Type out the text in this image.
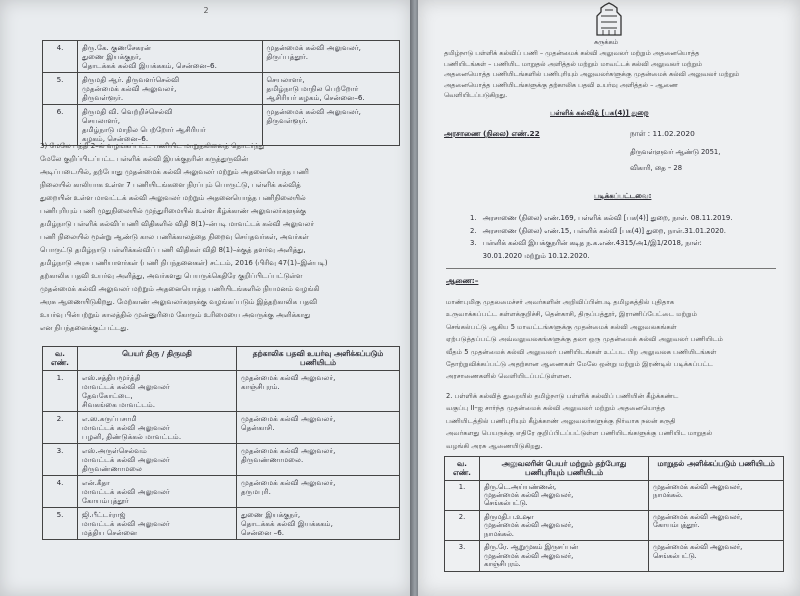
2
4.	திரு.கே. குணசேகரன்
துணை இயக்குநர்,
தொடக்கக் கல்வி இயக்ககம், சென்னை–6.	முதன்மைக் கல்வி அலுவலர்,
திருப்பத்தூர்.
5.	திருமதி ஆர். திருவளர்செல்வி
முதன்மைக் கல்வி அலுவலர்,
திருவள்ளூர்.	செயலாளர்,
தமிழ்நாடு மாநில பெற்றோர்
ஆசிரியர் கழகம், சென்னை–6.
6.	திருமதி வி. வெற்றிச்செல்வி
செயலாளர்,
தமிழ்நாடு மாநில பெற்றோர் ஆசிரியர்
கழகம், சென்னை–6.	முதன்மைக் கல்வி அலுவலர்,
திருவள்ளூர்.
3) மேலே பத்தி 2–ல் வழங்கப்பட்ட பணியிட மாறுதலினைத் தொடர்ந்து
மேலே குறிப்பிடப்பட்ட பள்ளிக் கல்வி இயக்குநரின் கருத்துருவின்
அடிப்படையில், தற்போது முதன்மைக் கல்வி அலுவலர் மற்றும் அதனையொத்த பணி
நிலையில் காலியாக உள்ள 7 பணியிடங்களை நிரப்பும் பொருட்டு, பள்ளிக் கல்வித்
துறையின் உள்ள மாவட்டக் கல்வி அலுவலர் மற்றும் அதனையொத்த பணிநிலையில்
பணிபுரியும் பணி முதுநிலையில் முந்துரிமையில் உள்ள கீழ்க்காண் அலுவலர்களுக்கு
தமிழ்நாடு பள்ளிக் கல்விப்பணி விதிகளில் விதி 8(1)–ன்படி மாவட்டக் கல்வி அலுவலர்
பணி நிலையில் மூன்று ஆண்டு கால பணிக்காலத்தை நிறைவு செய்தவர்கள், அவர்கள்
பொருட்டு தமிழ்நாடு பள்ளிக்கல்விப் பணி விதிகள் விதி 8(1)–க்குத் தளர்வு அளித்து,
தமிழ்நாடு அரசு பணியாளர்கள் (பணி நிபந்தனைகள்) சட்டம், 2016 (பிரிவு 47(1)–இன்படி)
தற்காலிக பதவி உயர்வு அளித்து, அவர்களது பெயருக்கெதிரே குறிப்பிடப்பட்டுள்ள
முதன்மைக் கல்வி அலுவலர் மற்றும் அதனையொத்த பணியிடங்களில் நியமனம் வழங்கி
அரசு ஆணையிடுகிறது. மேற்காண் அலுவலர்களுக்கு வழங்கப்படும் இத்தற்காலிக பதவி
உயர்வு பின்பற்றும் காலத்தில் முன்னுரிமை கோரும் உரிமையை அவருக்கு அளிக்காது
என நிபந்தனைக்குட்பட்டது.
வ. எண்.	பெயர் திரு / திருமதி	தற்காலிக பதவி உயர்வு அளிக்கப்படும் பணியிடம்
1.	எஸ்.சத்தியமூர்த்தி
மாவட்டக் கல்வி அலுவலர்
தேவகோட்டை,
சிவகங்கை மாவட்டம்.	முதன்மைக் கல்வி அலுவலர்,
காஞ்சிபுரம்.
2.	எ.ஸ.கருப்பசாமி
மாவட்டக் கல்வி அலுவலர்
பழனி, திண்டுக்கல் மாவட்டம்.	முதன்மைக் கல்வி அலுவலர்,
தென்காசி.
3.	எஸ்.அருள்செல்வம்
மாவட்டக் கல்வி அலுவலர்
திருவண்ணாமலை	முதன்மைக் கல்வி அலுவலர்,
திருவண்ணாமலை.
4.	என்.கீதா
மாவட்டக் கல்வி அலுவலர்
கோயம்புத்தூர்	முதன்மைக் கல்வி அலுவலர்,
தருமபுரி.
5.	ஜி.பீட்டர்ராஜ்
மாவட்டக் கல்வி அலுவலர்
மத்திய சென்னை	துணை இயக்குநர்,
தொடக்கக் கல்வி இயக்ககம்,
சென்னை –6.
சுருக்கம்
தமிழ்நாடு பள்ளிக் கல்விப் பணி – முதன்மைக் கல்வி அலுவலர் மற்றும் அதனையொத்த
பணியிடங்கள் – பணியிட மாறுதல் அளித்தல் மற்றும் மாவட்டக் கல்வி அலுவலர் மற்றும்
அதனையொத்த பணியிடங்களில் பணிபுரியும் அலுவலர்களுக்கு முதன்மைக் கல்வி அலுவலர் மற்றும்
அதனையொத்த பணியிடங்களுக்கு தற்காலிக பதவி உயர்வு அளித்தல் – ஆணை
வெளியிடப்படுகிறது.
பள்ளிக் கல்வித் [பக(4)] துறை
அரசாணை (நிலை) எண்.22	நாள் : 11.02.2020
திருவள்ளுவர் ஆண்டு 2051,
விகாரி, தை – 28
படிக்கப்பட்டவை:
1. அரசாணை (நிலை) எண்.169, பள்ளிக் கல்வி [பக(4)] துறை, நாள். 08.11.2019.
2. அரசாணை (நிலை) எண்.15, பள்ளிக் கல்வி [பக(4)] துறை, நாள்.31.01.2020.
3. பள்ளிக் கல்வி இயக்குநரின் கடித ந.க.எண்.4315/அ1/இ1/2018, நாள்:
30.01.2020 மற்றும் 10.12.2020.
ஆணை:–
மாண்புமிகு முதலமைச்சர் அவர்களின் அறிவிப்பின்படி தமிழகத்தில் புதிதாக
உருவாக்கப்பட்ட கள்ளக்குறிச்சி, தென்காசி, திருப்பத்தூர், இராணிப்பேட்டை மற்றும்
செங்கல்பட்டு ஆகிய 5 மாவட்டங்களுக்கு முதன்மைக் கல்வி அலுவலகங்கள்
ஏற்படுத்தப்பட்டு அவ்வலுவலகங்களுக்கு தலா ஒரு முதன்மைக் கல்வி அலுவலர் பணியிடம்
வீதம் 5 முதன்மைக் கல்வி அலுவலர் பணியிடங்கள் உட்பட பிற அலுவலக பணியிடங்கள்
தோற்றுவிக்கப்பட்டு அதற்கான ஆணைகள் மேலே ஒன்று மற்றும் இரண்டில் படிக்கப்பட்ட
அரசாணைகளில் வெளியிடப்பட்டுள்ளன.
2. பள்ளிக் கல்வித் துறையில் தமிழ்நாடு பள்ளிக் கல்விப் பணியின் கீழ்க்கண்ட
வகுப்பு II–ஐ சார்ந்த முதன்மைக் கல்வி அலுவலர் மற்றும் அதனையொத்த
பணியிடத்தில் பணிபுரியும் கீழ்க்காண் அலுவலர்களுக்கு நிர்வாக நலன் கருதி
அவர்களது பெயருக்கு எதிரே குறிப்பிடப்பட்டுள்ள பணியிடங்களுக்கு பணியிட மாறுதல்
வழங்கி அரசு ஆணையிடுகிறது.
வ. எண்.	அலுவலரின் பெயர் மற்றும் தற்போது பணிபுரியும் பணியிடம்	மாறுதல் அளிக்கப்படும் பணியிடம்
1.	திரு.டெ.அய்யண்ணன்,
முதன்மைக் கல்வி அலுவலர்,
செங்கல்பட்டு.	முதன்மைக் கல்வி அலுவலர்,
நாமக்கல்.
2.	திருமதி.ப.உஷா
முதன்மைக் கல்வி அலுவலர்,
நாமக்கல்.	முதன்மைக் கல்வி அலுவலர்,
கோயம்புத்தூர்.
3.	திரு.ரே. ஆறுமுகம் இருசப்பன்
முதன்மைக் கல்வி அலுவலர்,
காஞ்சிபுரம்.	முதன்மைக் கல்வி அலுவலர்,
செங்கல்பட்டு.
